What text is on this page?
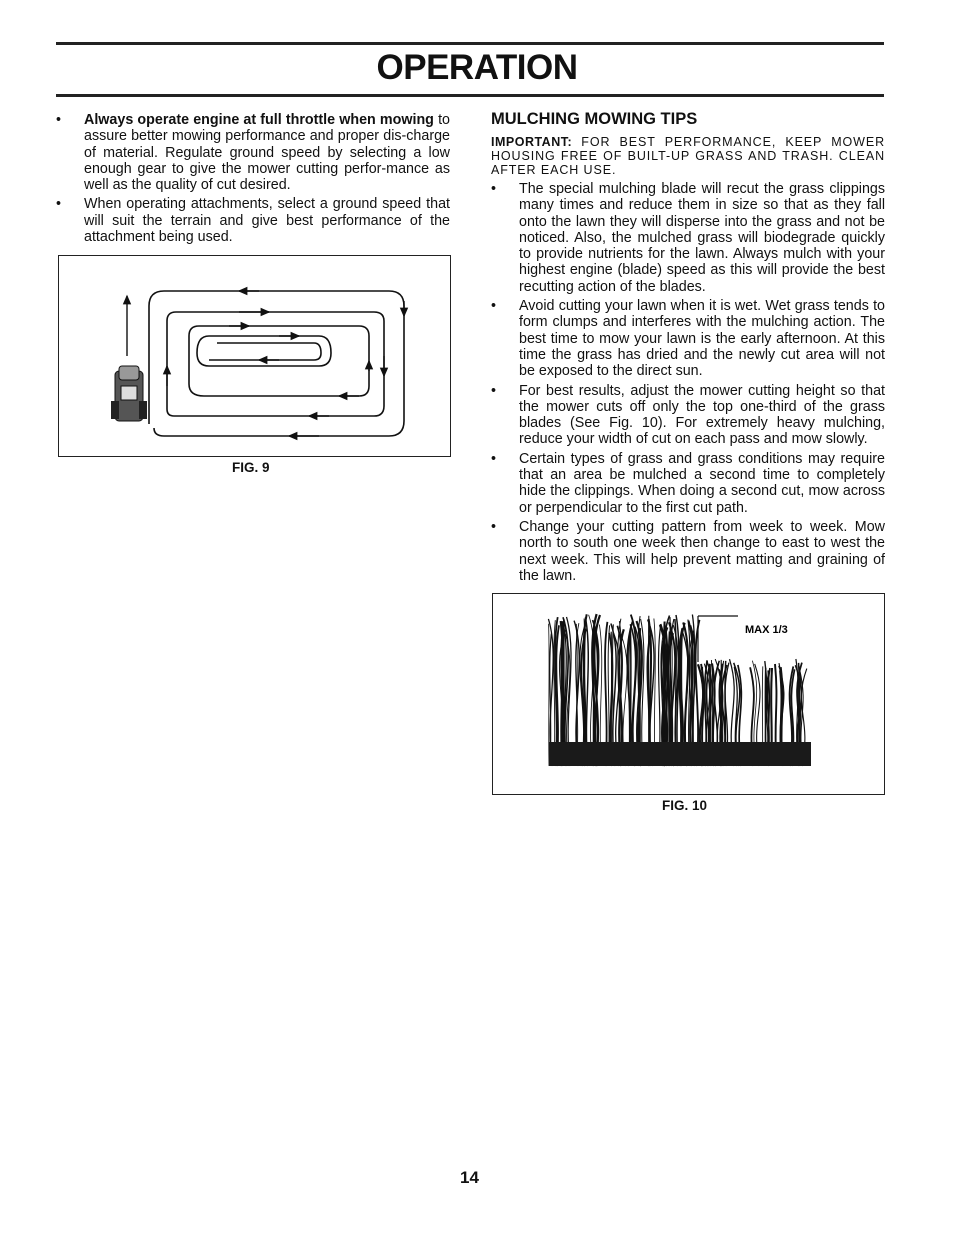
OPERATION
• Always operate engine at full throttle when mowing to assure better mowing performance and proper dis-charge of material. Regulate ground speed by selecting a low enough gear to give the mower cutting perfor-mance as well as the quality of cut desired.
• When operating attachments, select a ground speed that will suit the terrain and give best performance of the attachment being used.
FIG. 9
MULCHING MOWING TIPS
IMPORTANT: FOR BEST PERFORMANCE, KEEP MOWER HOUSING FREE OF BUILT-UP GRASS AND TRASH. CLEAN AFTER EACH USE.
• The special mulching blade will recut the grass clippings many times and reduce them in size so that as they fall onto the lawn they will disperse into the grass and not be noticed. Also, the mulched grass will biodegrade quickly to provide nutrients for the lawn. Always mulch with your highest engine (blade) speed as this will provide the best recutting action of the blades.
• Avoid cutting your lawn when it is wet. Wet grass tends to form clumps and interferes with the mulching action. The best time to mow your lawn is the early afternoon. At this time the grass has dried and the newly cut area will not be exposed to the direct sun.
• For best results, adjust the mower cutting height so that the mower cuts off only the top one-third of the grass blades (See Fig. 10). For extremely heavy mulching, reduce your width of cut on each pass and mow slowly.
• Certain types of grass and grass conditions may require that an area be mulched a second time to completely hide the clippings. When doing a second cut, mow across or perpendicular to the first cut path.
• Change your cutting pattern from week to week. Mow north to south one week then change to east to west the next week. This will help prevent matting and graining of the lawn.
MAX 1/3
FIG. 10
14
